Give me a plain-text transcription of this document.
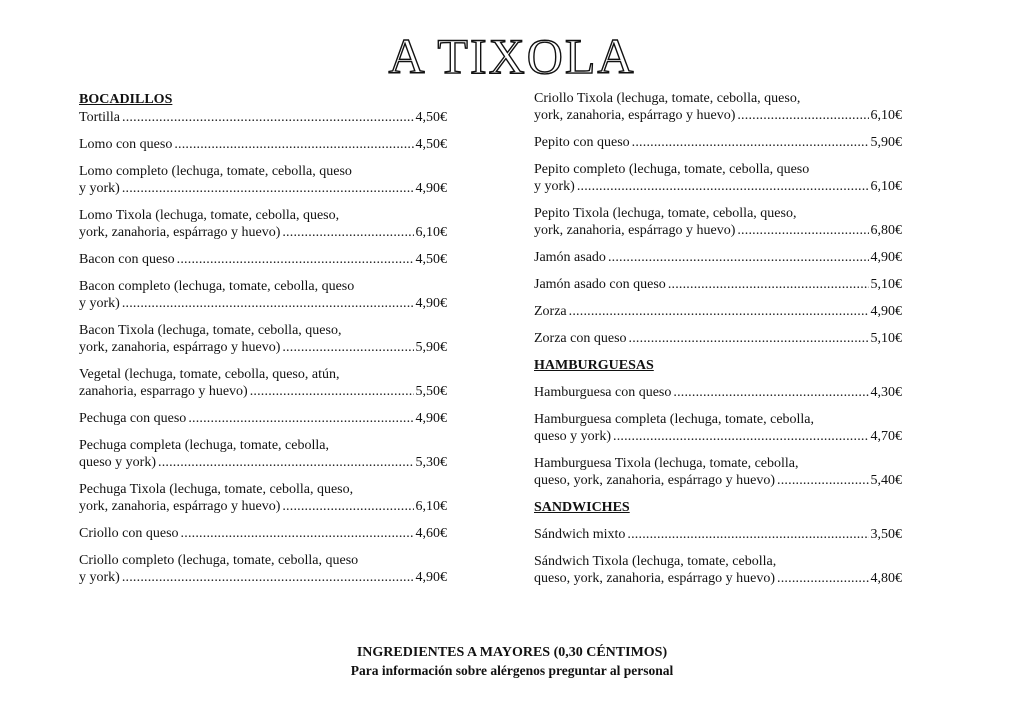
A TIXOLA
BOCADILLOS
Tortilla .....	4,50€
Lomo con queso .....	4,50€
Lomo completo (lechuga, tomate, cebolla, queso
y york) .....	4,90€
Lomo Tixola (lechuga, tomate, cebolla, queso,
york, zanahoria, espárrago y huevo) .....	6,10€
Bacon con queso .....	4,50€
Bacon completo (lechuga, tomate, cebolla, queso
y york) .....	4,90€
Bacon Tixola (lechuga, tomate, cebolla, queso,
york, zanahoria, espárrago y huevo) .....	5,90€
Vegetal (lechuga, tomate, cebolla, queso, atún,
zanahoria, esparrago y huevo) .....	5,50€
Pechuga con queso .....	4,90€
Pechuga completa (lechuga, tomate, cebolla,
queso y york) .....	5,30€
Pechuga Tixola (lechuga, tomate, cebolla, queso,
york, zanahoria, espárrago y huevo) .....	6,10€
Criollo con queso .....	4,60€
Criollo completo (lechuga, tomate, cebolla, queso
y york) .....	4,90€
Criollo Tixola (lechuga, tomate, cebolla, queso,
york, zanahoria, espárrago y huevo) .....	6,10€
Pepito con queso .....	5,90€
Pepito completo (lechuga, tomate, cebolla, queso
y york) .....	6,10€
Pepito Tixola (lechuga, tomate, cebolla, queso,
york, zanahoria, espárrago y huevo) .....	6,80€
Jamón asado .....	4,90€
Jamón asado con queso .....	5,10€
Zorza .....	4,90€
Zorza con queso .....	5,10€
HAMBURGUESAS
Hamburguesa con queso .....	4,30€
Hamburguesa completa (lechuga, tomate, cebolla,
queso y york) .....	4,70€
Hamburguesa Tixola (lechuga, tomate, cebolla,
queso, york, zanahoria, espárrago y huevo) .....	5,40€
SANDWICHES
Sándwich mixto .....	3,50€
Sándwich Tixola (lechuga, tomate, cebolla,
queso, york, zanahoria, espárrago y huevo) .....	4,80€
INGREDIENTES A MAYORES (0,30 CÉNTIMOS)
Para información sobre alérgenos preguntar al personal
